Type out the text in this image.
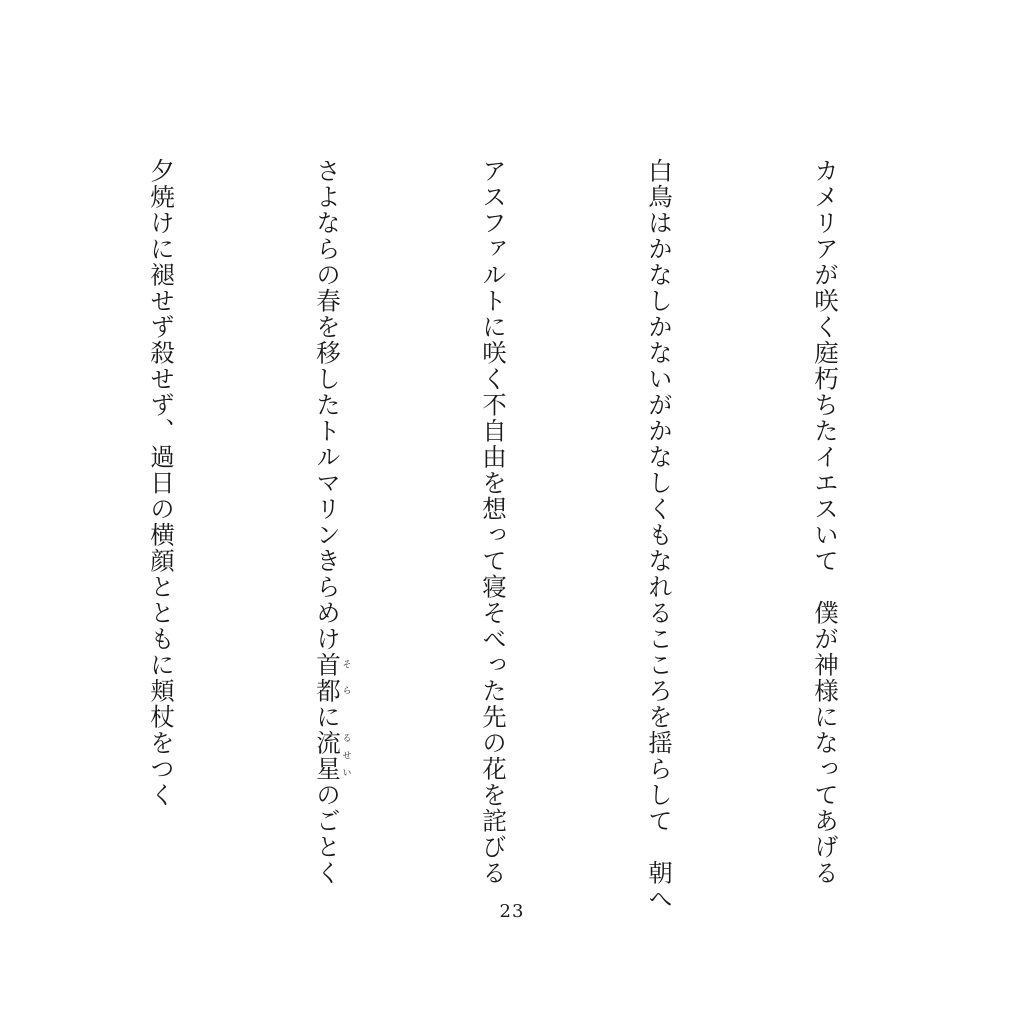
カメリアが咲く庭朽ちたイエスいて　僕が神様になってあげる
白鳥はかなしかないがかなしくもなれるこころを揺らして　朝へ
アスファルトに咲く不自由を想って寝そべった先の花を詫びる
さよならの春を移したトルマリンきらめけ首都そらに流星るせいのごとく
夕焼けに褪せず殺せず、過日の横顔とともに頬杖をつく
23
